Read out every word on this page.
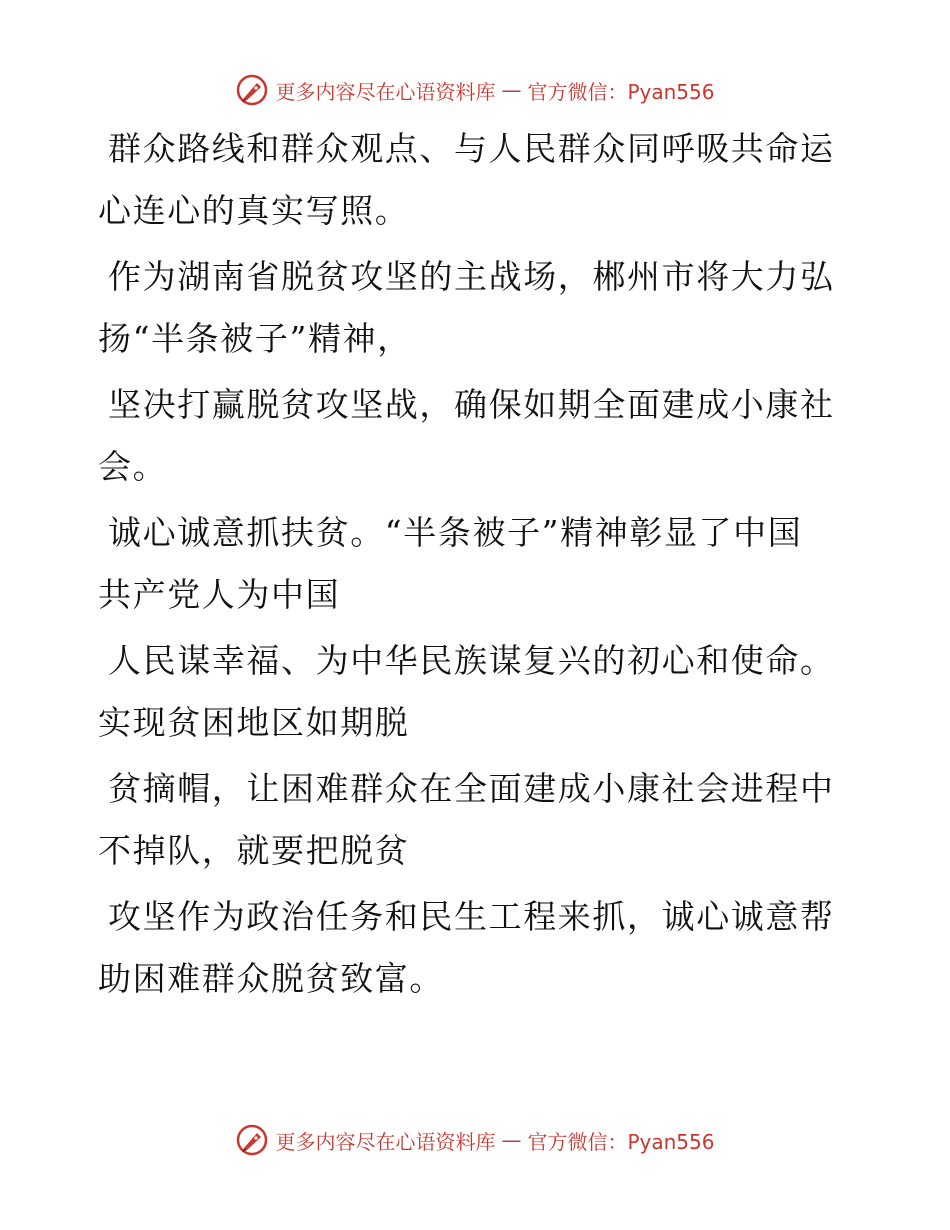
更多内容尽在心语资料库 — 官方微信：Pyan556

群众路线和群众观点、与人民群众同呼吸共命运
心连心的真实写照。

作为湖南省脱贫攻坚的主战场，郴州市将大力弘
扬“半条被子”精神，

坚决打赢脱贫攻坚战，确保如期全面建成小康社
会。

诚心诚意抓扶贫。“半条被子”精神彰显了中国
共产党人为中国

人民谋幸福、为中华民族谋复兴的初心和使命。
实现贫困地区如期脱

贫摘帽，让困难群众在全面建成小康社会进程中
不掉队，就要把脱贫

攻坚作为政治任务和民生工程来抓，诚心诚意帮
助困难群众脱贫致富。

更多内容尽在心语资料库 — 官方微信：Pyan556
